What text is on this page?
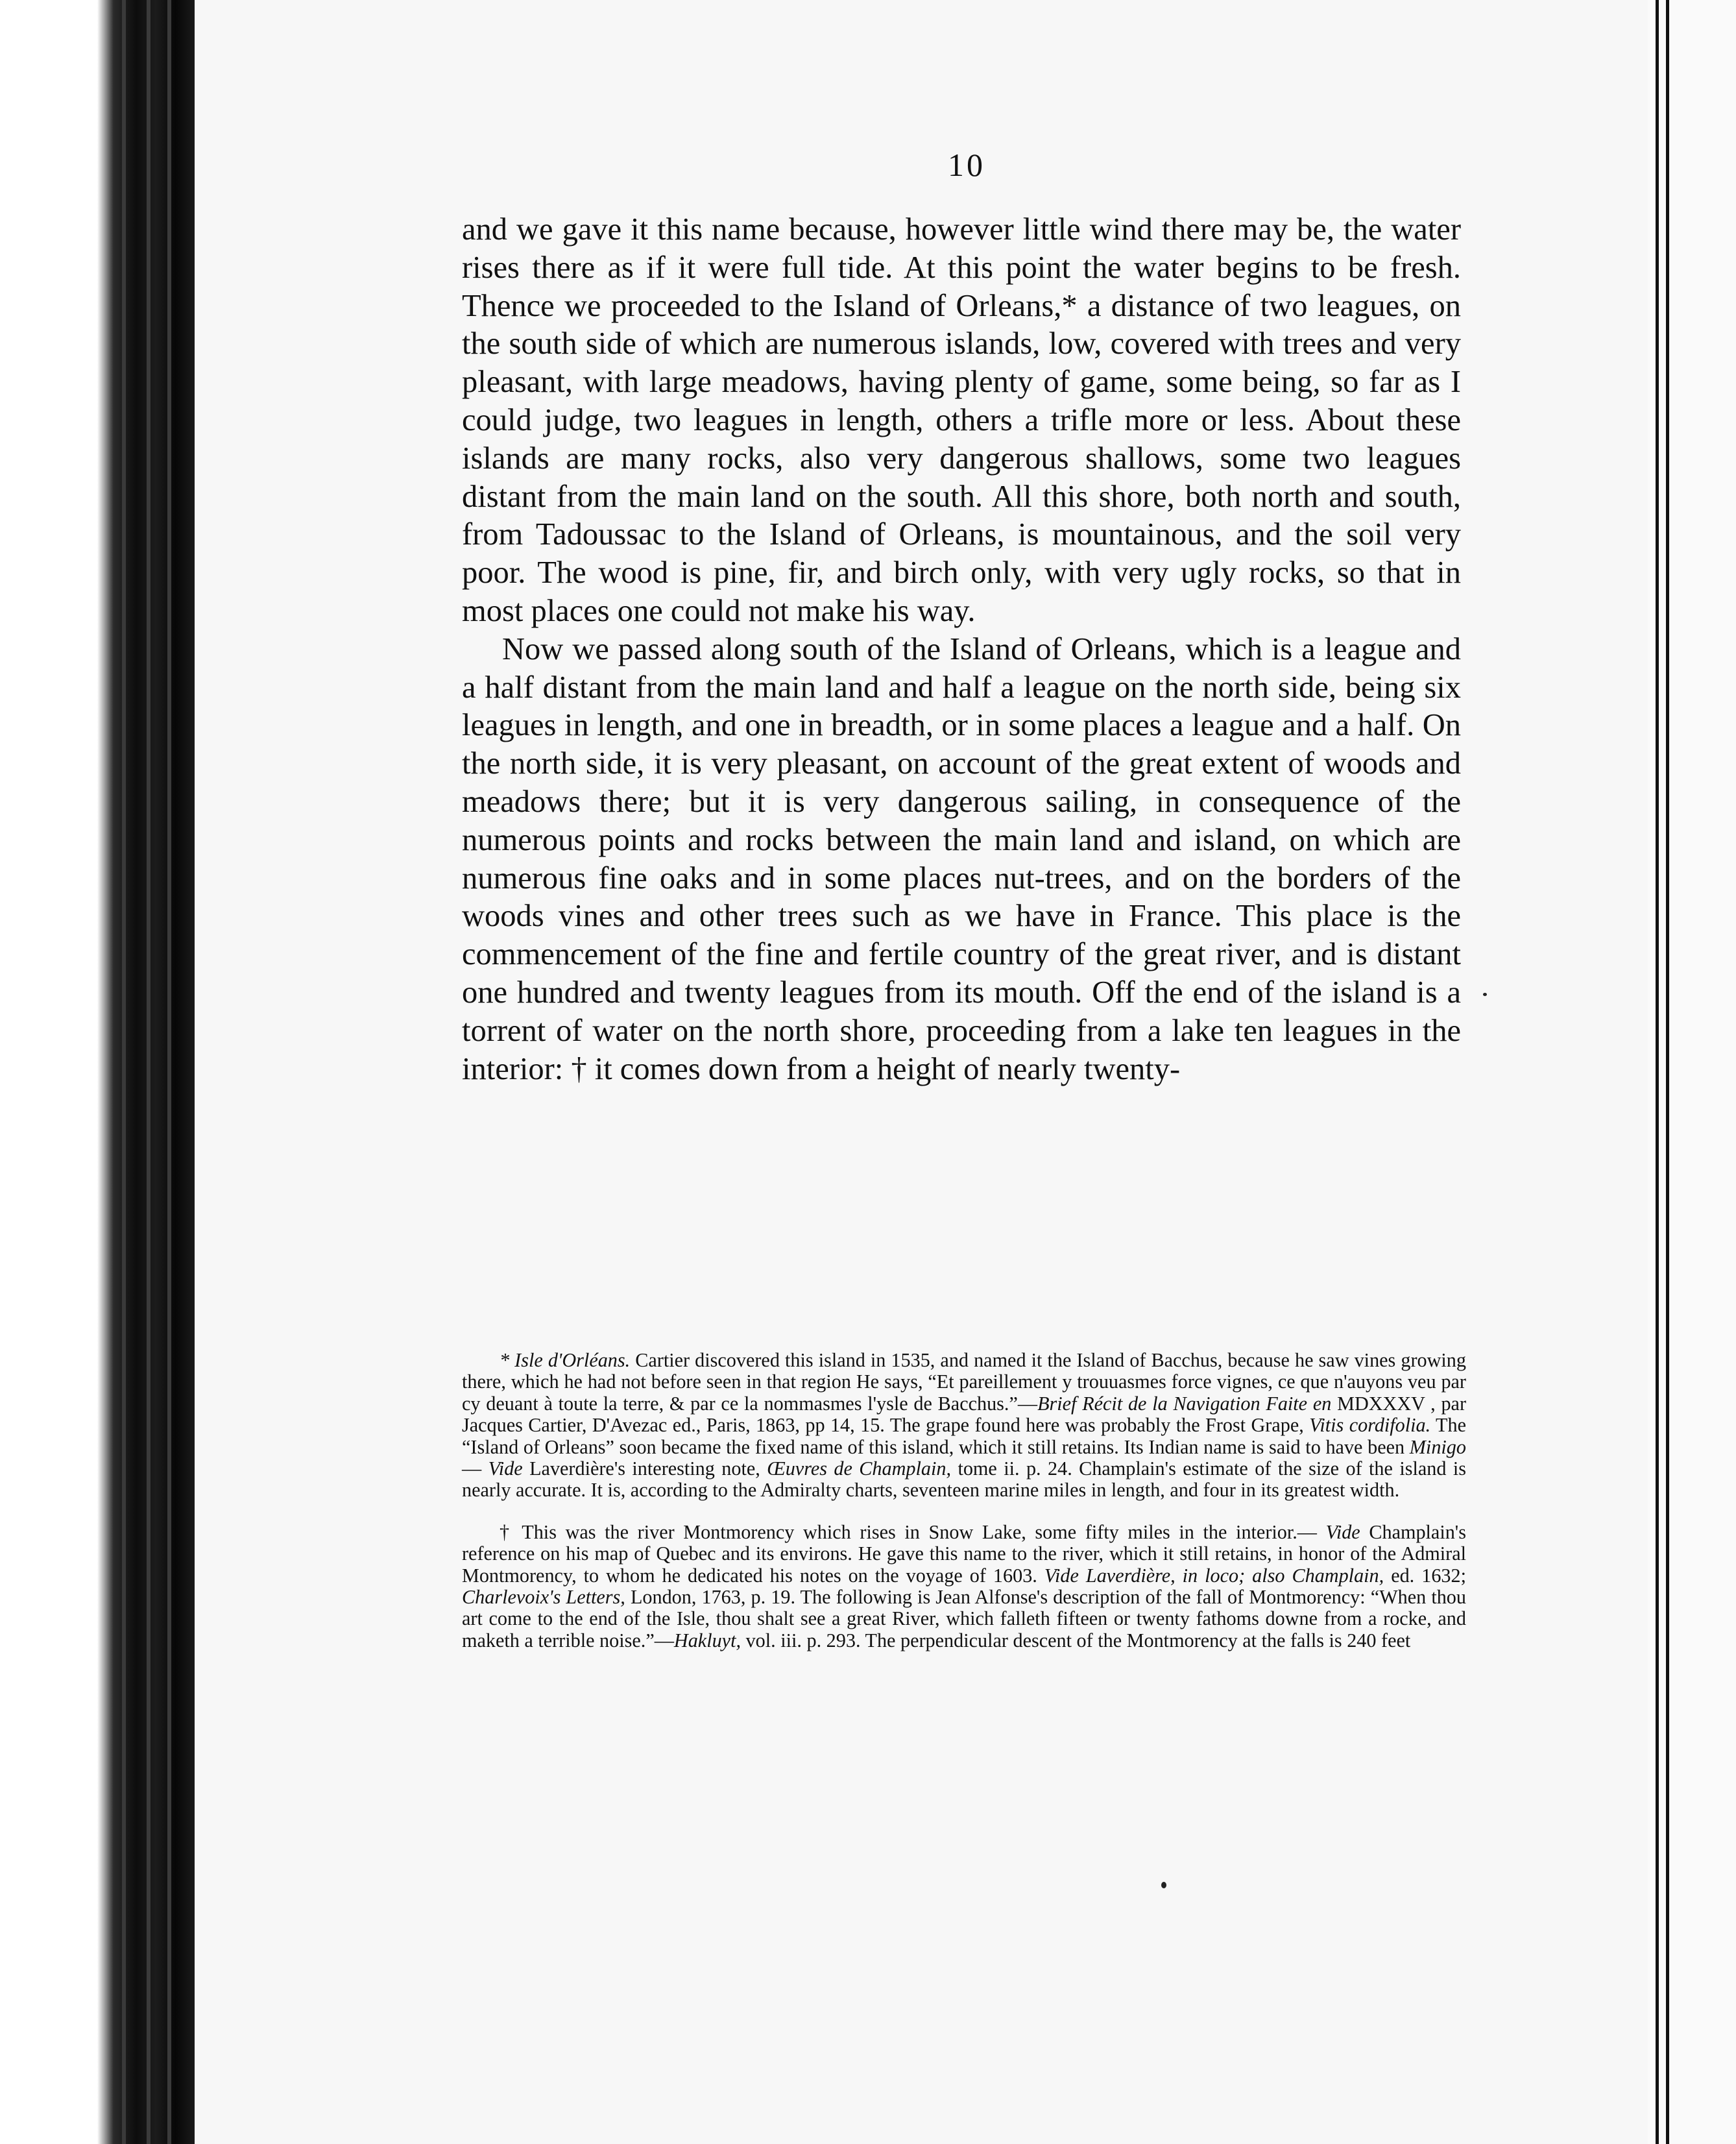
10

and we gave it this name because, however little wind there may be, the water rises there as if it were full tide. At this point the water begins to be fresh. Thence we proceeded to the Island of Orleans,* a distance of two leagues, on the south side of which are numerous islands, low, covered with trees and very pleasant, with large meadows, having plenty of game, some being, so far as I could judge, two leagues in length, others a trifle more or less. About these islands are many rocks, also very dangerous shallows, some two leagues distant from the main land on the south. All this shore, both north and south, from Tadoussac to the Island of Orleans, is mountainous, and the soil very poor. The wood is pine, fir, and birch only, with very ugly rocks, so that in most places one could not make his way.

Now we passed along south of the Island of Orleans, which is a league and a half distant from the main land and half a league on the north side, being six leagues in length, and one in breadth, or in some places a league and a half. On the north side, it is very pleasant, on account of the great extent of woods and meadows there; but it is very dangerous sailing, in consequence of the numerous points and rocks between the main land and island, on which are numerous fine oaks and in some places nut-trees, and on the borders of the woods vines and other trees such as we have in France. This place is the commencement of the fine and fertile country of the great river, and is distant one hundred and twenty leagues from its mouth. Off the end of the island is a torrent of water on the north shore, proceeding from a lake ten leagues in the interior: † it comes down from a height of nearly twenty-

* Isle d'Orléans. Cartier discovered this island in 1535, and named it the Island of Bacchus, because he saw vines growing there, which he had not before seen in that region He says, “Et pareillement y trouuasmes force vignes, ce que n'auyons veu par cy deuant à toute la terre, & par ce la nommasmes l'ysle de Bacchus.”—Brief Récit de la Navigation Faite en MDXXXV , par Jacques Cartier, D'Avezac ed., Paris, 1863, pp 14, 15. The grape found here was probably the Frost Grape, Vitis cordifolia. The “Island of Orleans” soon became the fixed name of this island, which it still retains. Its Indian name is said to have been Minigo — Vide Laverdière's interesting note, Œuvres de Champlain, tome ii. p. 24. Champlain's estimate of the size of the island is nearly accurate. It is, according to the Admiralty charts, seventeen marine miles in length, and four in its greatest width.

† This was the river Montmorency which rises in Snow Lake, some fifty miles in the interior.— Vide Champlain's reference on his map of Quebec and its environs. He gave this name to the river, which it still retains, in honor of the Admiral Montmorency, to whom he dedicated his notes on the voyage of 1603. Vide Laverdière, in loco; also Champlain, ed. 1632; Charlevoix's Letters, London, 1763, p. 19. The following is Jean Alfonse's description of the fall of Montmorency: “When thou art come to the end of the Isle, thou shalt see a great River, which falleth fifteen or twenty fathoms downe from a rocke, and maketh a terrible noise.”—Hakluyt, vol. iii. p. 293. The perpendicular descent of the Montmorency at the falls is 240 feet
